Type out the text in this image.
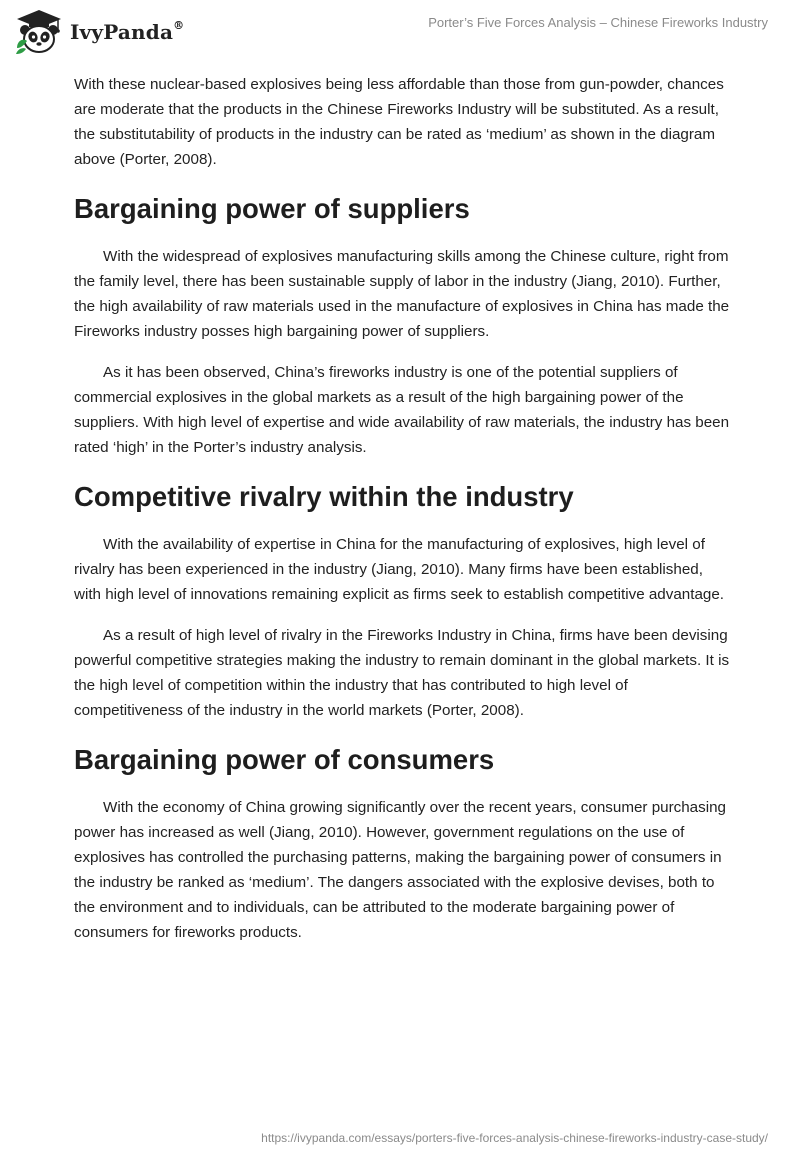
IvyPanda®	Porter’s Five Forces Analysis – Chinese Fireworks Industry

With these nuclear-based explosives being less affordable than those from gun-powder, chances are moderate that the products in the Chinese Fireworks Industry will be substituted. As a result, the substitutability of products in the industry can be rated as ‘medium’ as shown in the diagram above (Porter, 2008).

Bargaining power of suppliers

With the widespread of explosives manufacturing skills among the Chinese culture, right from the family level, there has been sustainable supply of labor in the industry (Jiang, 2010). Further, the high availability of raw materials used in the manufacture of explosives in China has made the Fireworks industry posses high bargaining power of suppliers.

As it has been observed, China’s fireworks industry is one of the potential suppliers of commercial explosives in the global markets as a result of the high bargaining power of the suppliers. With high level of expertise and wide availability of raw materials, the industry has been rated ‘high’ in the Porter’s industry analysis.

Competitive rivalry within the industry

With the availability of expertise in China for the manufacturing of explosives, high level of rivalry has been experienced in the industry (Jiang, 2010). Many firms have been established, with high level of innovations remaining explicit as firms seek to establish competitive advantage.

As a result of high level of rivalry in the Fireworks Industry in China, firms have been devising powerful competitive strategies making the industry to remain dominant in the global markets. It is the high level of competition within the industry that has contributed to high level of competitiveness of the industry in the world markets (Porter, 2008).

Bargaining power of consumers

With the economy of China growing significantly over the recent years, consumer purchasing power has increased as well (Jiang, 2010). However, government regulations on the use of explosives has controlled the purchasing patterns, making the bargaining power of consumers in the industry be ranked as ‘medium’. The dangers associated with the explosive devises, both to the environment and to individuals, can be attributed to the moderate bargaining power of consumers for fireworks products.

https://ivypanda.com/essays/porters-five-forces-analysis-chinese-fireworks-industry-case-study/
